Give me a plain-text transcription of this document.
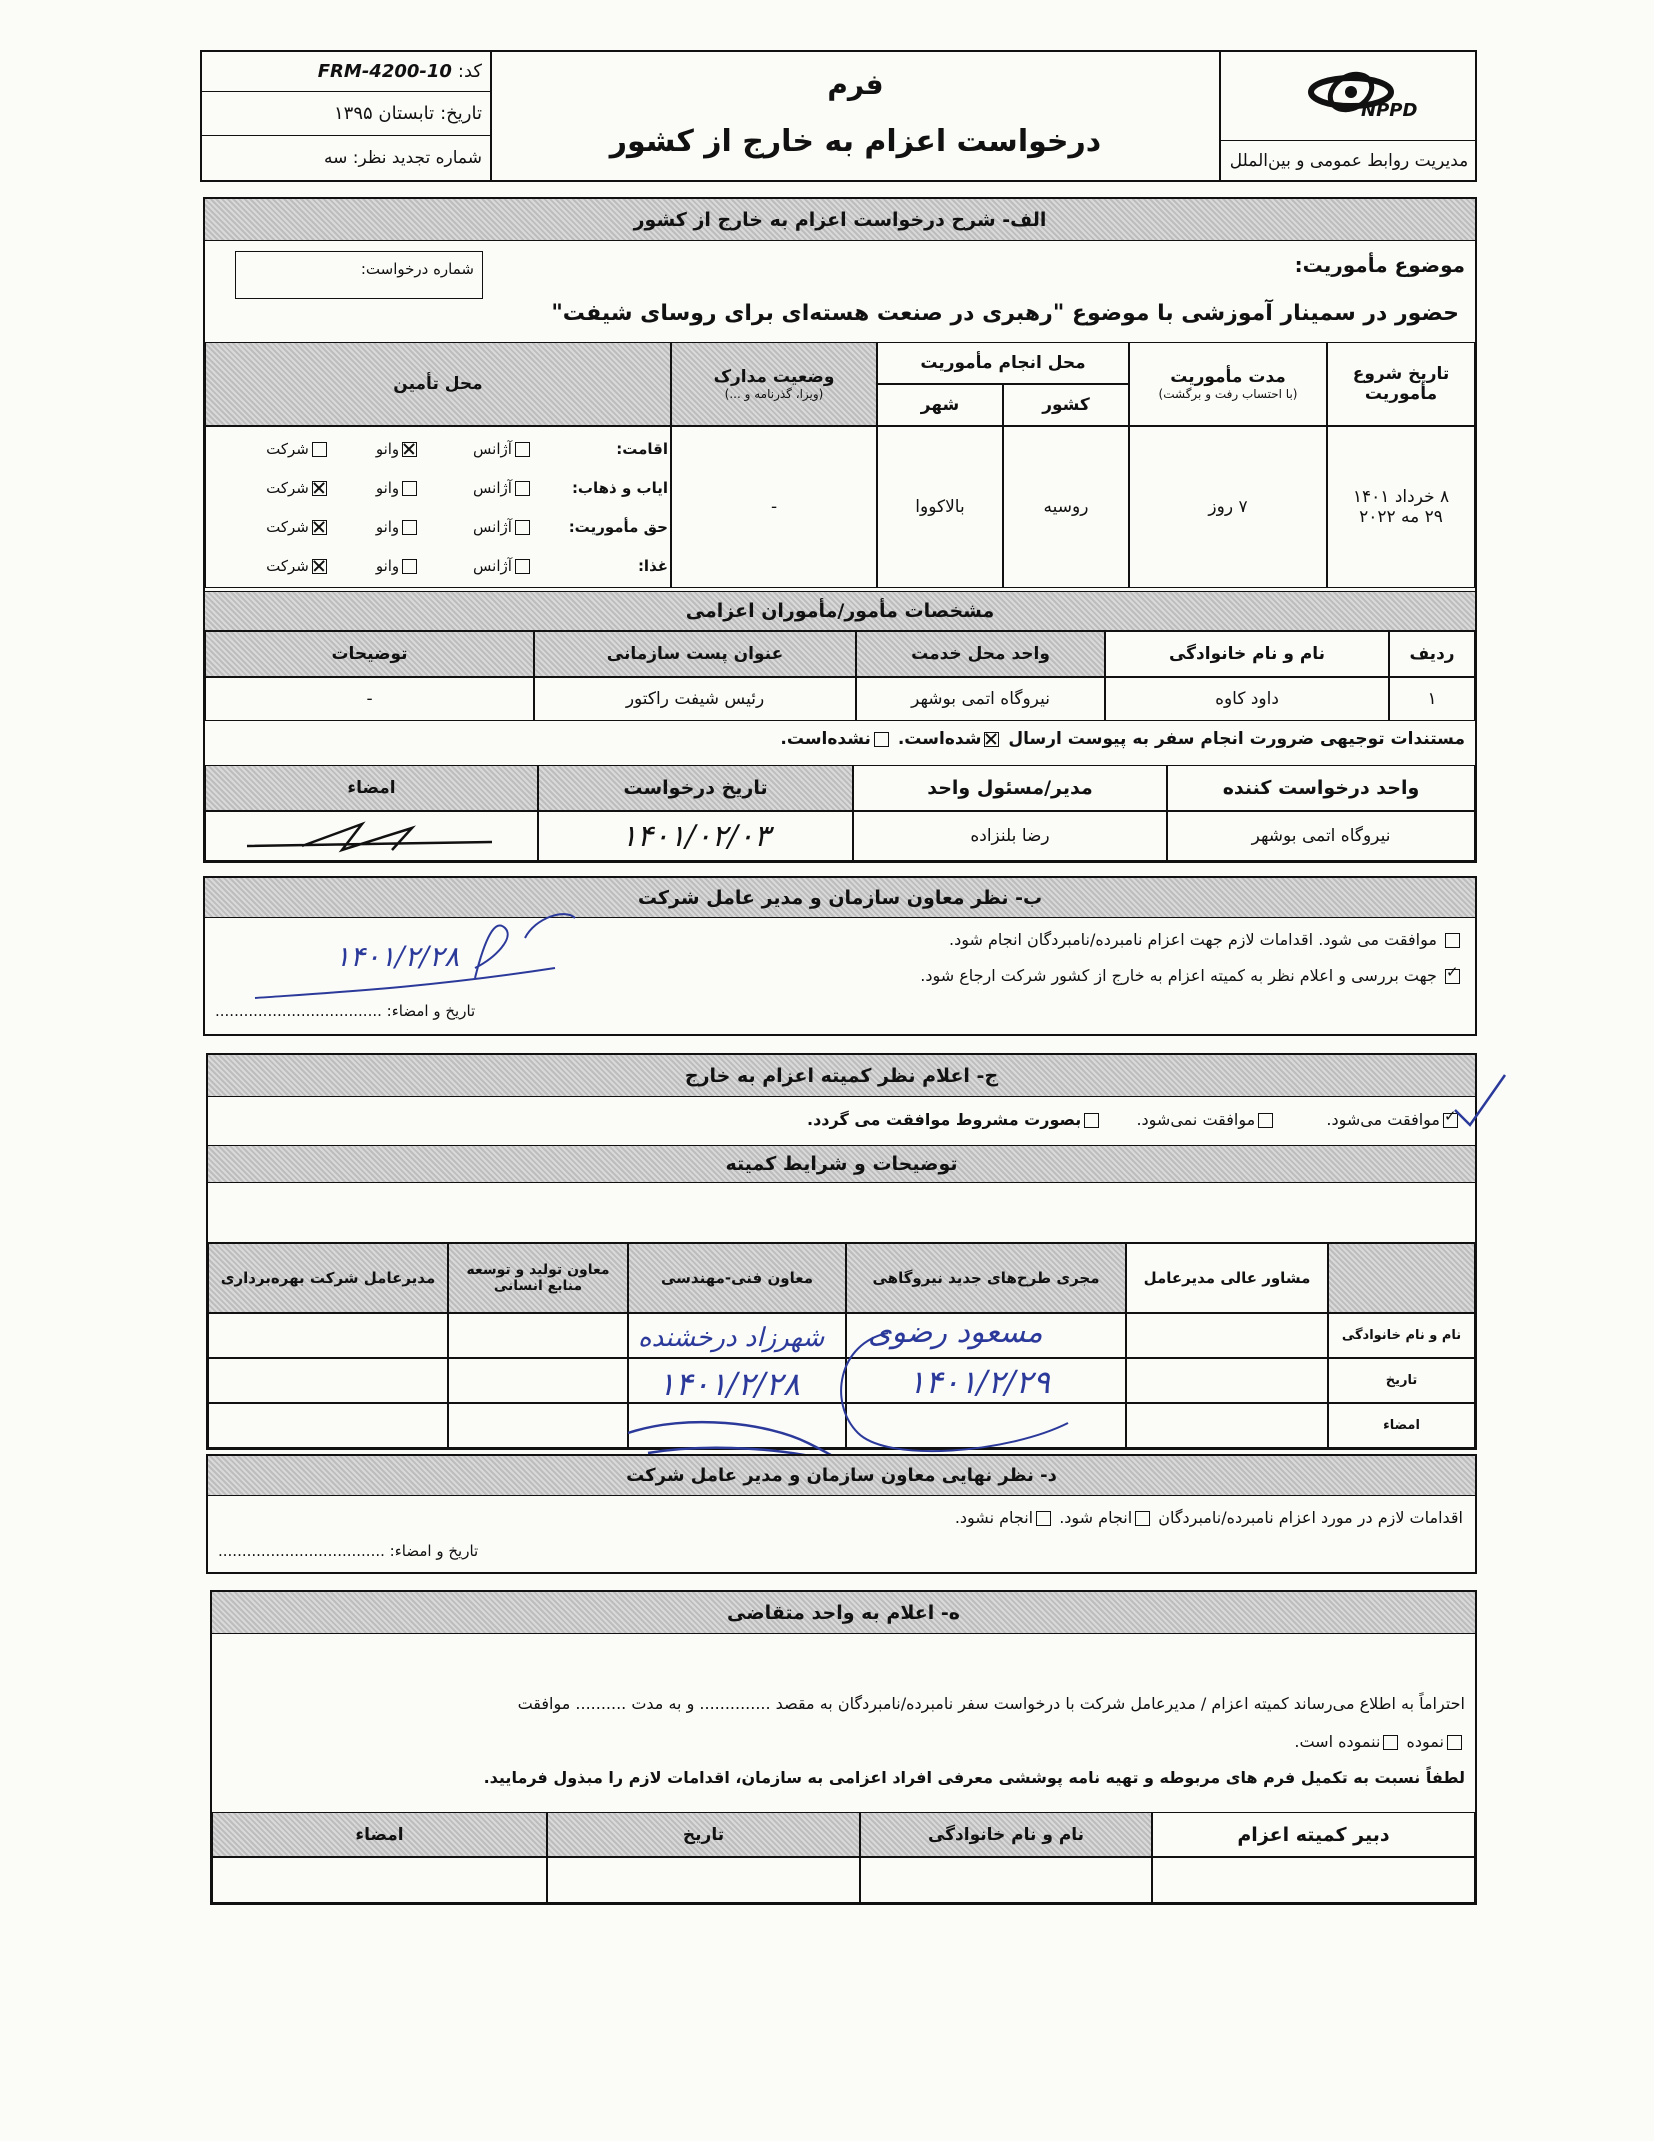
کد:
FRM-4200-10
تاریخ:
تابستان ۱۳۹۵
شماره تجدید نظر: سه
فرم
درخواست اعزام به خارج از کشور
NPPD
مدیریت روابط عمومی و بین‌الملل
الف- شرح درخواست اعزام به خارج از کشور
موضوع مأموریت:
شماره درخواست:
حضور در سمینار آموزشی با موضوع "رهبری در صنعت هسته‌ای برای روسای شیفت"
تاریخ شروع مأموریت
مدت مأموریت
(با احتساب رفت و برگشت)
محل انجام مأموریت
کشور
شهر
وضعیت مدارک
(ویزا، گذرنامه و ...)
محل تأمین
۸ خرداد ۱۴۰۱
۲۹ مه ۲۰۲۲
۷ روز
روسیه
بالاکووا
-
اقامت:
آژانس
وانو
شرکت
ایاب و ذهاب:
آژانس
وانو
شرکت
حق مأموریت:
آژانس
وانو
شرکت
غذا:
آژانس
وانو
شرکت
مشخصات مأمور/مأموران اعزامی
ردیف
نام و نام خانوادگی
واحد محل خدمت
عنوان پست سازمانی
توضیحات
۱
داود کاوه
نیروگاه اتمی بوشهر
رئیس شیفت راکتور
-
مستندات توجیهی ضرورت انجام سفر به پیوست ارسال شده‌است. نشده‌است.
واحد درخواست کننده
مدیر/مسئول واحد
تاریخ درخواست
امضاء
نیروگاه اتمی بوشهر
رضا بلنزاده
۱۴۰۱/۰۲/۰۳
ب- نظر معاون سازمان و مدیر عامل شرکت
موافقت می شود. اقدامات لازم جهت اعزام نامبرده/نامبردگان انجام شود.
✓ جهت بررسی و اعلام نظر به کمیته اعزام به خارج از کشور شرکت ارجاع شود.
تاریخ و امضاء: ...................................
۱۴۰۱/۲/۲۸
ج- اعلام نظر کمیته اعزام به خارج
✓موافقت می‌شود.  موافقت نمی‌شود.  بصورت مشروط موافقت می گردد.
توضیحات و شرایط کمیته
مشاور عالی مدیرعامل
مجری طرح‌های جدید نیروگاهی
معاون فنی-مهندسی
معاون تولید و توسعه منابع انسانی
مدیرعامل شرکت بهره‌برداری
نام و نام خانوادگی
تاریخ
امضاء
مسعود رضوی
شهرزاد درخشنده
۱۴۰۱/۲/۲۹
۱۴۰۱/۲/۲۸
د- نظر نهایی معاون سازمان و مدیر عامل شرکت
اقدامات لازم در مورد اعزام نامبرده/نامبردگان انجام شود. انجام نشود.
تاریخ و امضاء: ...................................
ه- اعلام به واحد متقاضی
احتراماً به اطلاع می‌رساند کمیته اعزام / مدیرعامل شرکت با درخواست سفر نامبرده/نامبردگان به مقصد .............. و به مدت .......... موافقت
نموده ننموده است.
لطفاً نسبت به تکمیل فرم های مربوطه و تهیه نامه پوششی معرفی افراد اعزامی به سازمان، اقدامات لازم را مبذول فرمایید.
دبیر کمیته اعزام
نام و نام خانوادگی
تاریخ
امضاء
